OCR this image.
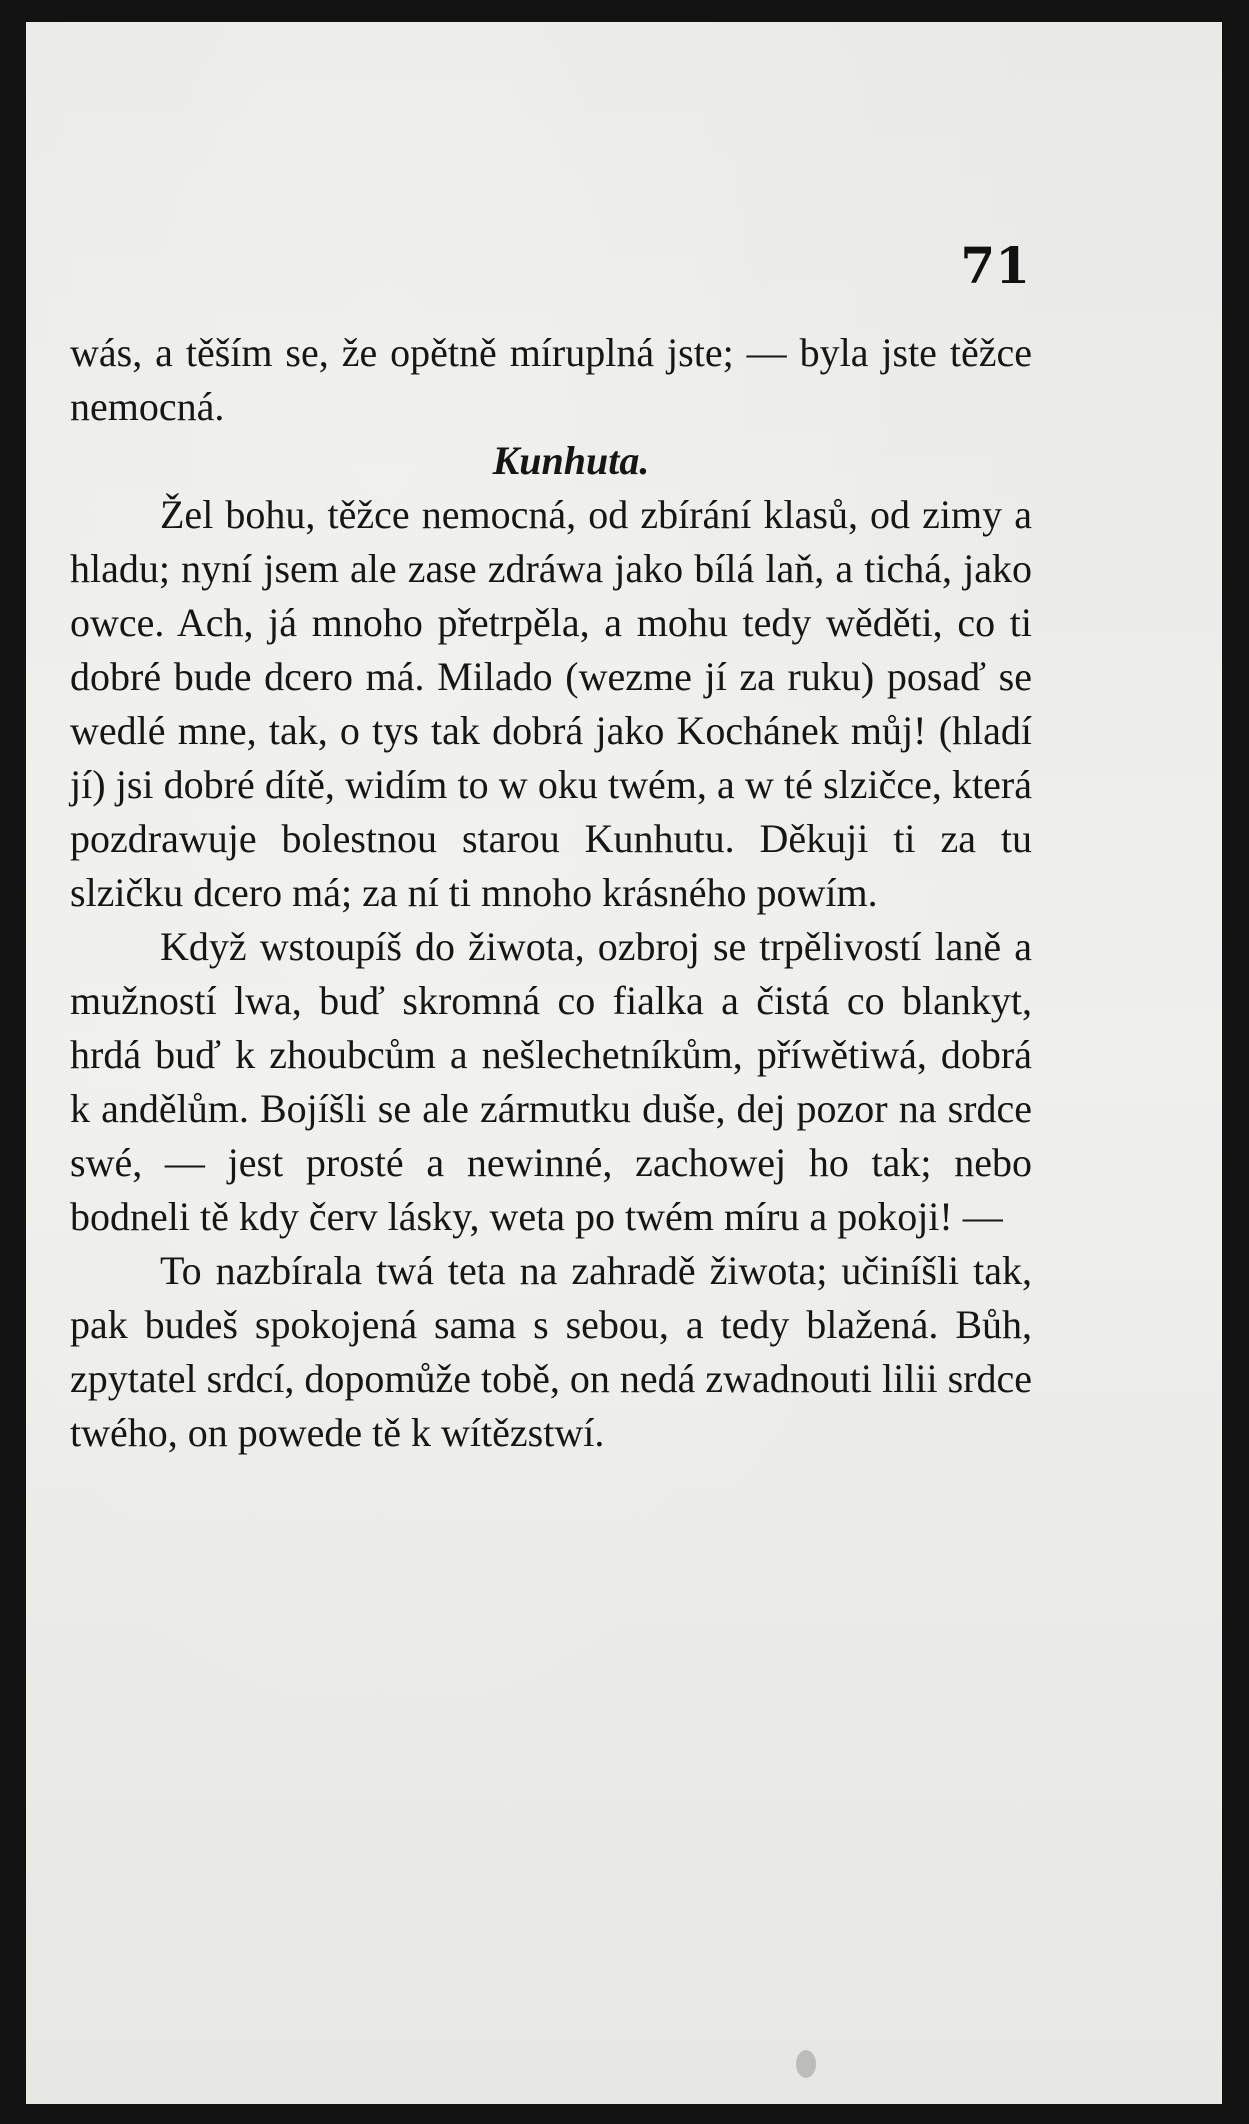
71

wás, a těším se, že opětně míruplná jste; — byla jste těžce nemocná.

Kunhuta.

Žel bohu, těžce nemocná, od zbírání klasů, od zimy a hladu; nyní jsem ale zase zdráwa jako bílá laň, a tichá, jako owce. Ach, já mnoho přetrpěla, a mohu tedy wěděti, co ti dobré bude dcero má. Milado (wezme jí za ruku) posaď se wedlé mne, tak, o tys tak dobrá jako Kochánek můj! (hladí jí) jsi dobré dítě, widím to w oku twém, a w té slzičce, která pozdrawuje bolestnou starou Kunhutu. Děkuji ti za tu slzičku dcero má; za ní ti mnoho krásného powím.

Když wstoupíš do žiwota, ozbroj se trpělivostí laně a mužností lwa, buď skromná co fialka a čistá co blankyt, hrdá buď k zhoubcům a nešlechetníkům, příwětiwá, dobrá k andělům. Bojíšli se ale zármutku duše, dej pozor na srdce swé, — jest prosté a newinné, zachowej ho tak; nebo bodneli tě kdy červ lásky, weta po twém míru a pokoji! —

To nazbírala twá teta na zahradě žiwota; učiníšli tak, pak budeš spokojená sama s sebou, a tedy blažená. Bůh, zpytatel srdcí, dopomůže tobě, on nedá zwadnouti lilii srdce twého, on powede tě k wítězstwí.
